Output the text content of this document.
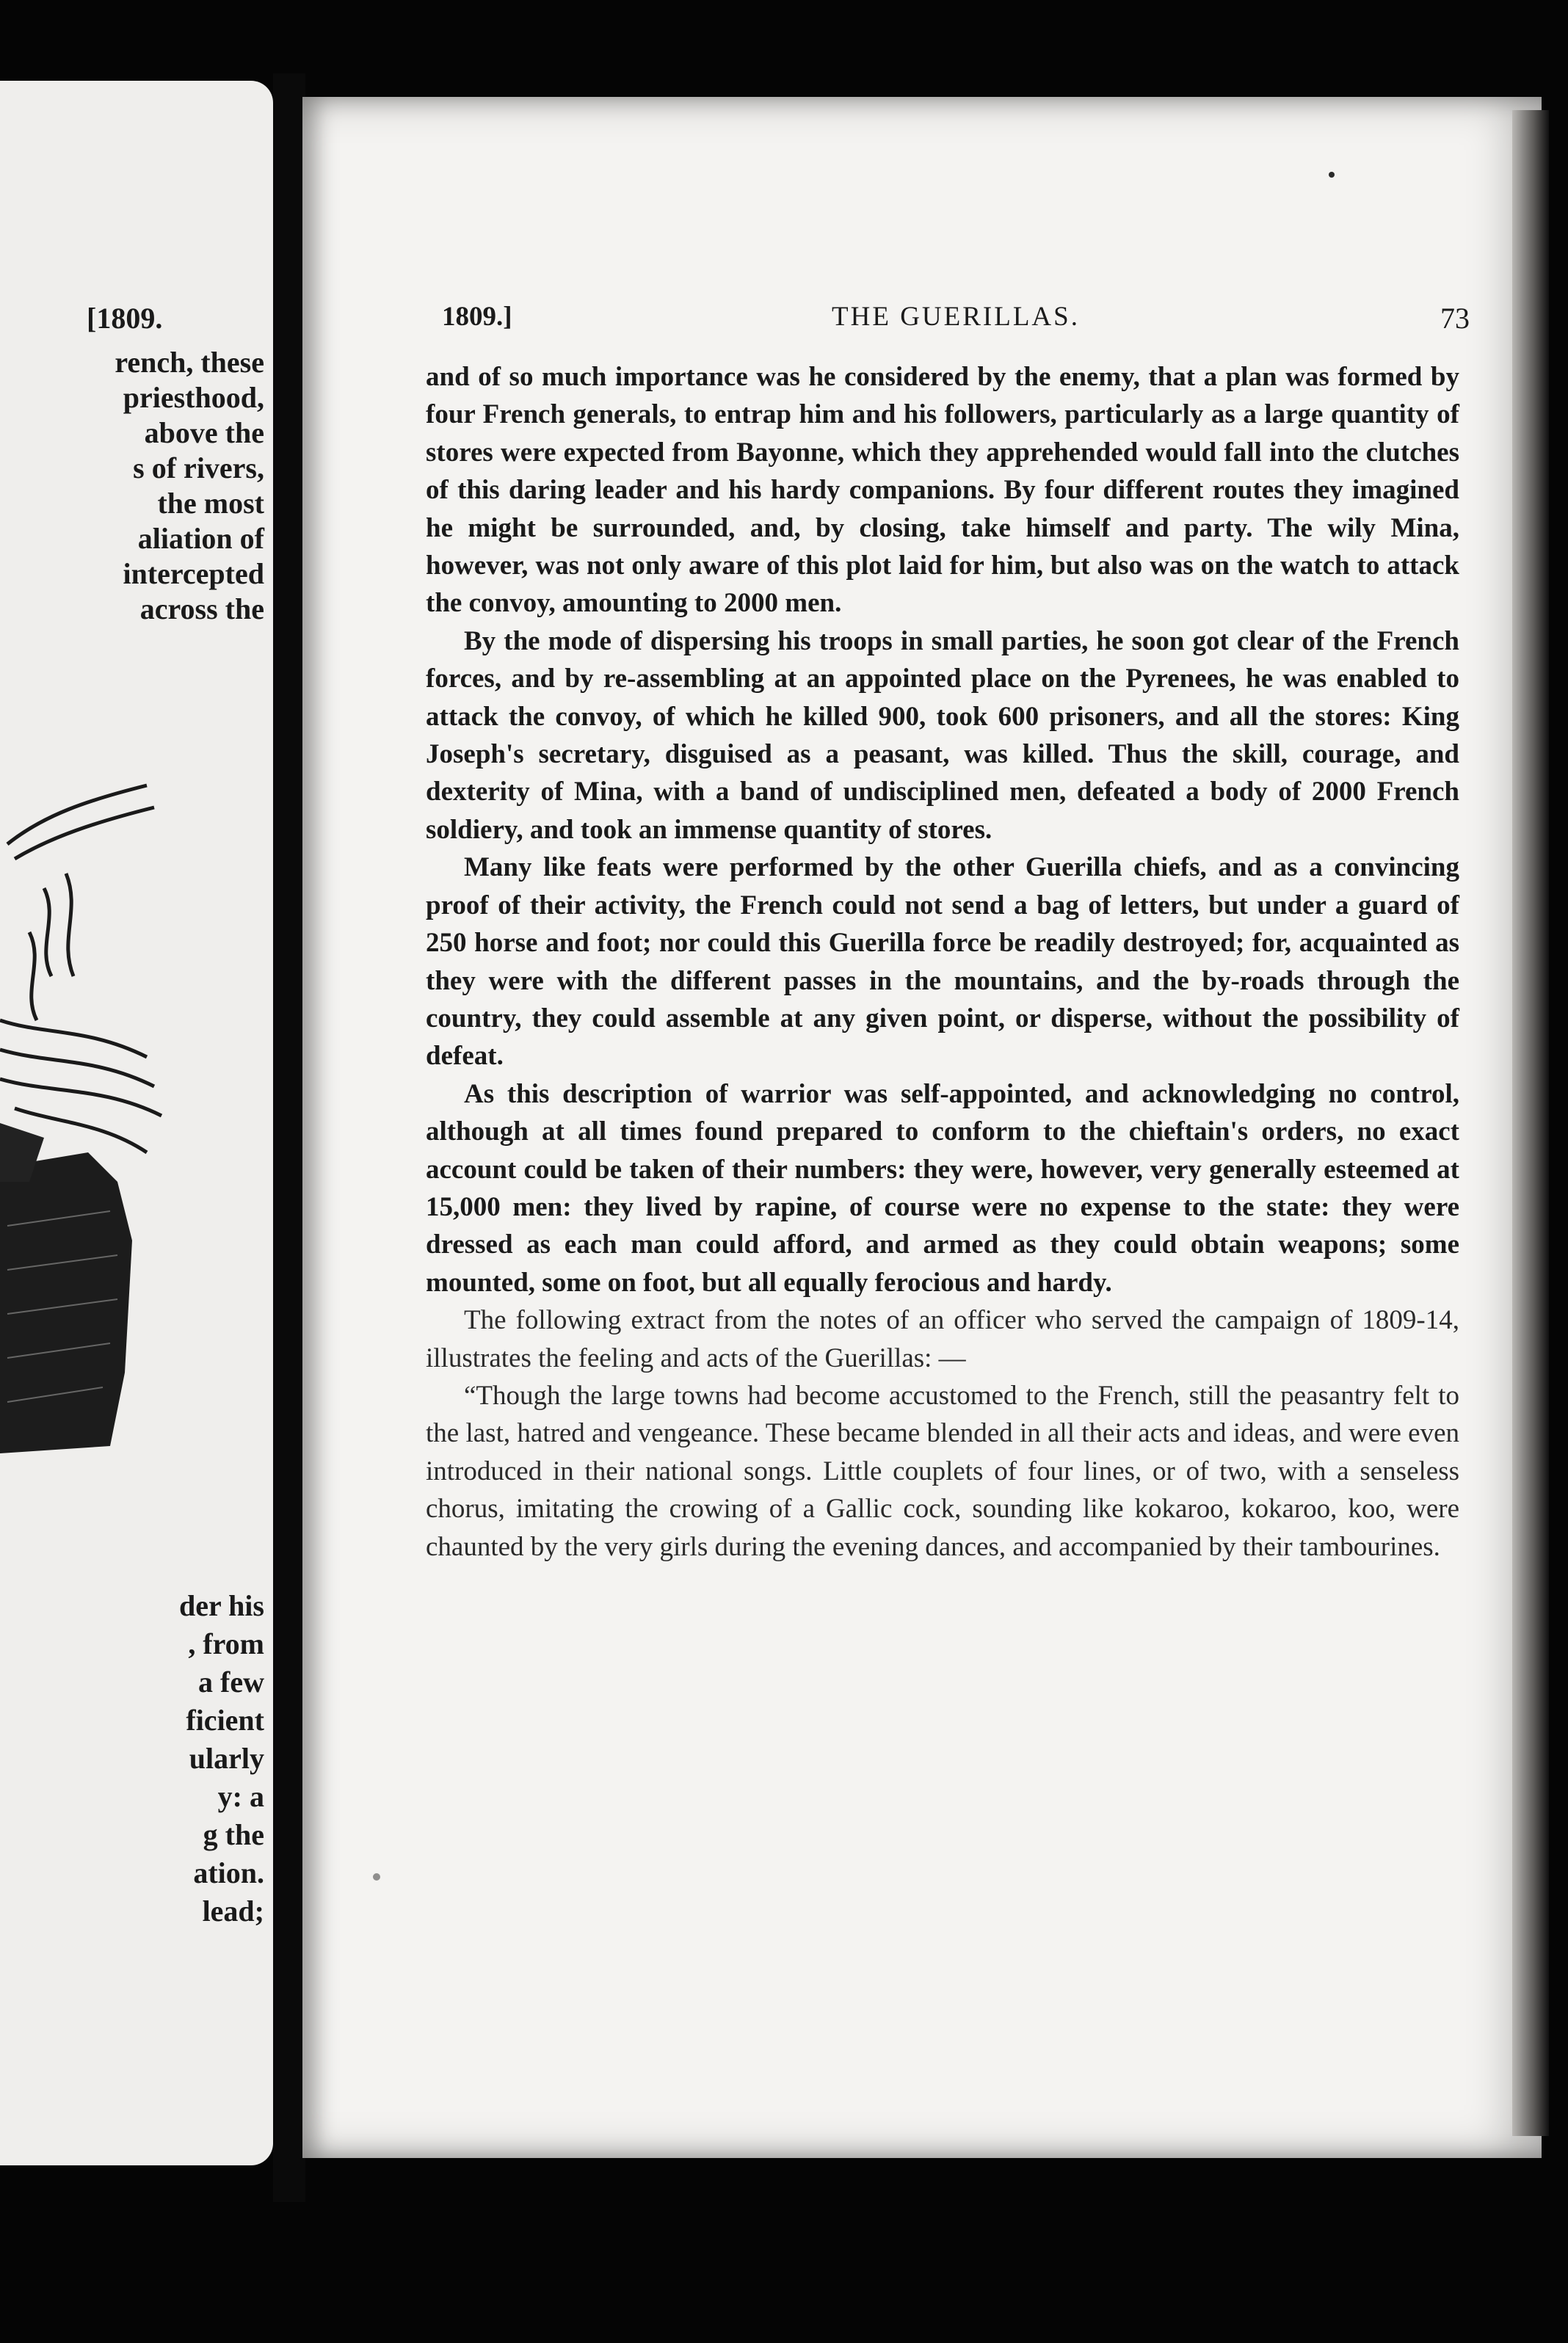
[1809.
rench, these
priesthood,
above the
s of rivers,
the most
aliation of
intercepted
across the
der his
, from
a few
ficient
ularly
y: a
g the
ation.
lead;
1809.]	THE GUERILLAS.	73

and of so much importance was he considered by the enemy, that a plan was formed by four French generals, to entrap him and his followers, particularly as a large quantity of stores were expected from Bayonne, which they apprehended would fall into the clutches of this daring leader and his hardy companions. By four different routes they imagined he might be surrounded, and, by closing, take himself and party. The wily Mina, however, was not only aware of this plot laid for him, but also was on the watch to attack the convoy, amounting to 2000 men.

By the mode of dispersing his troops in small parties, he soon got clear of the French forces, and by re-assembling at an appointed place on the Pyrenees, he was enabled to attack the convoy, of which he killed 900, took 600 prisoners, and all the stores: King Joseph's secretary, disguised as a peasant, was killed. Thus the skill, courage, and dexterity of Mina, with a band of undisciplined men, defeated a body of 2000 French soldiery, and took an immense quantity of stores.

Many like feats were performed by the other Guerilla chiefs, and as a convincing proof of their activity, the French could not send a bag of letters, but under a guard of 250 horse and foot; nor could this Guerilla force be readily destroyed; for, acquainted as they were with the different passes in the mountains, and the by-roads through the country, they could assemble at any given point, or disperse, without the possibility of defeat.

As this description of warrior was self-appointed, and acknowledging no control, although at all times found prepared to conform to the chieftain's orders, no exact account could be taken of their numbers: they were, however, very generally esteemed at 15,000 men: they lived by rapine, of course were no expense to the state: they were dressed as each man could afford, and armed as they could obtain weapons; some mounted, some on foot, but all equally ferocious and hardy.

The following extract from the notes of an officer who served the campaign of 1809-14, illustrates the feeling and acts of the Guerillas: —

“Though the large towns had become accustomed to the French, still the peasantry felt to the last, hatred and vengeance. These became blended in all their acts and ideas, and were even introduced in their national songs. Little couplets of four lines, or of two, with a senseless chorus, imitating the crowing of a Gallic cock, sounding like kokaroo, kokaroo, koo, were chaunted by the very girls during the evening dances, and accompanied by their tambourines.
